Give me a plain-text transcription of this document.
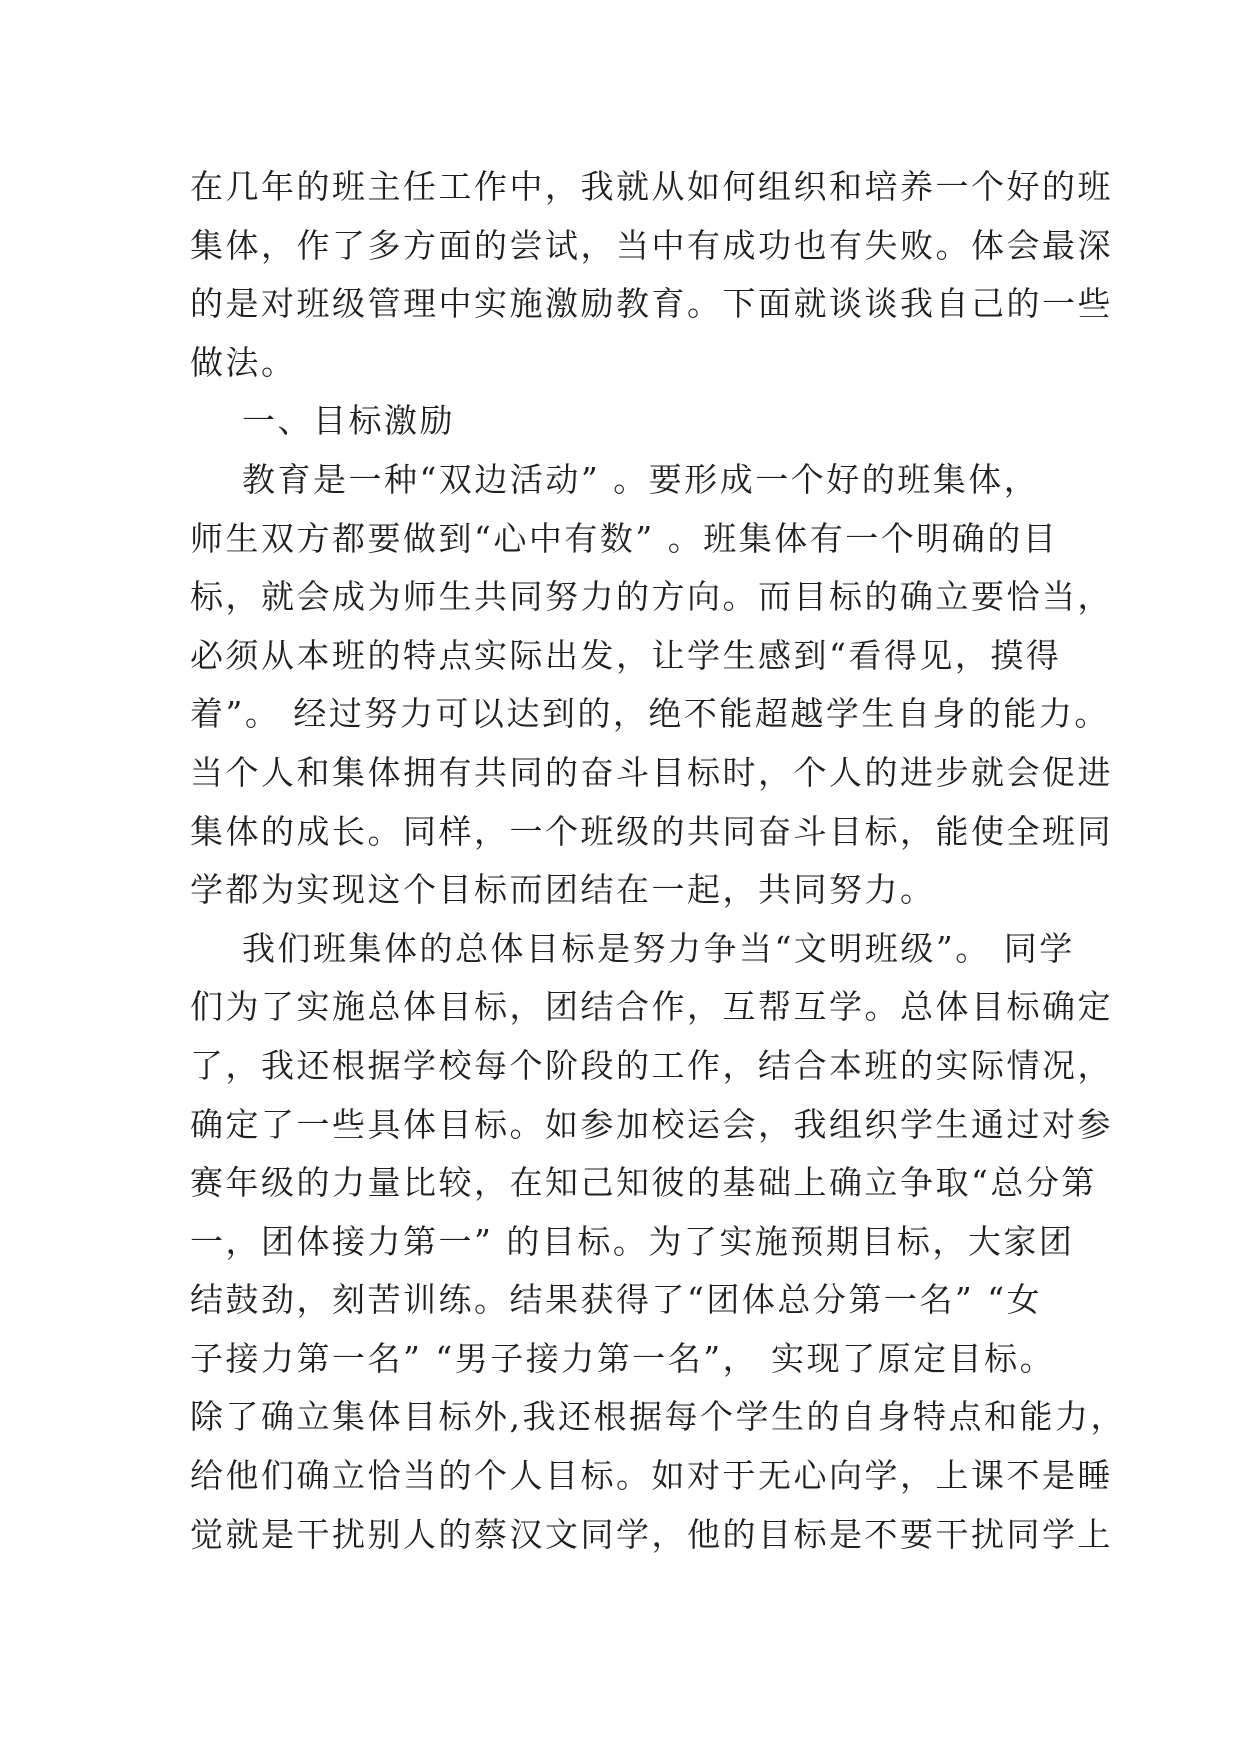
在几年的班主任工作中，我就从如何组织和培养一个好的班
集体，作了多方面的尝试，当中有成功也有失败。体会最深
的是对班级管理中实施激励教育。下面就谈谈我自己的一些
做法。
一、目标激励
教育是一种“双边活动” 。要形成一个好的班集体，
师生双方都要做到“心中有数” 。班集体有一个明确的目
标，就会成为师生共同努力的方向。而目标的确立要恰当，
必须从本班的特点实际出发，让学生感到“看得见，摸得
着”。 经过努力可以达到的，绝不能超越学生自身的能力。
当个人和集体拥有共同的奋斗目标时，个人的进步就会促进
集体的成长。同样，一个班级的共同奋斗目标，能使全班同
学都为实现这个目标而团结在一起，共同努力。
我们班集体的总体目标是努力争当“文明班级”。 同学
们为了实施总体目标，团结合作，互帮互学。总体目标确定
了，我还根据学校每个阶段的工作，结合本班的实际情况，
确定了一些具体目标。如参加校运会，我组织学生通过对参
赛年级的力量比较，在知己知彼的基础上确立争取“总分第
一，团体接力第一” 的目标。为了实施预期目标，大家团
结鼓劲，刻苦训练。结果获得了“团体总分第一名” “女
子接力第一名” “男子接力第一名”， 实现了原定目标。
除了确立集体目标外,我还根据每个学生的自身特点和能力，
给他们确立恰当的个人目标。如对于无心向学，上课不是睡
觉就是干扰别人的蔡汉文同学，他的目标是不要干扰同学上
